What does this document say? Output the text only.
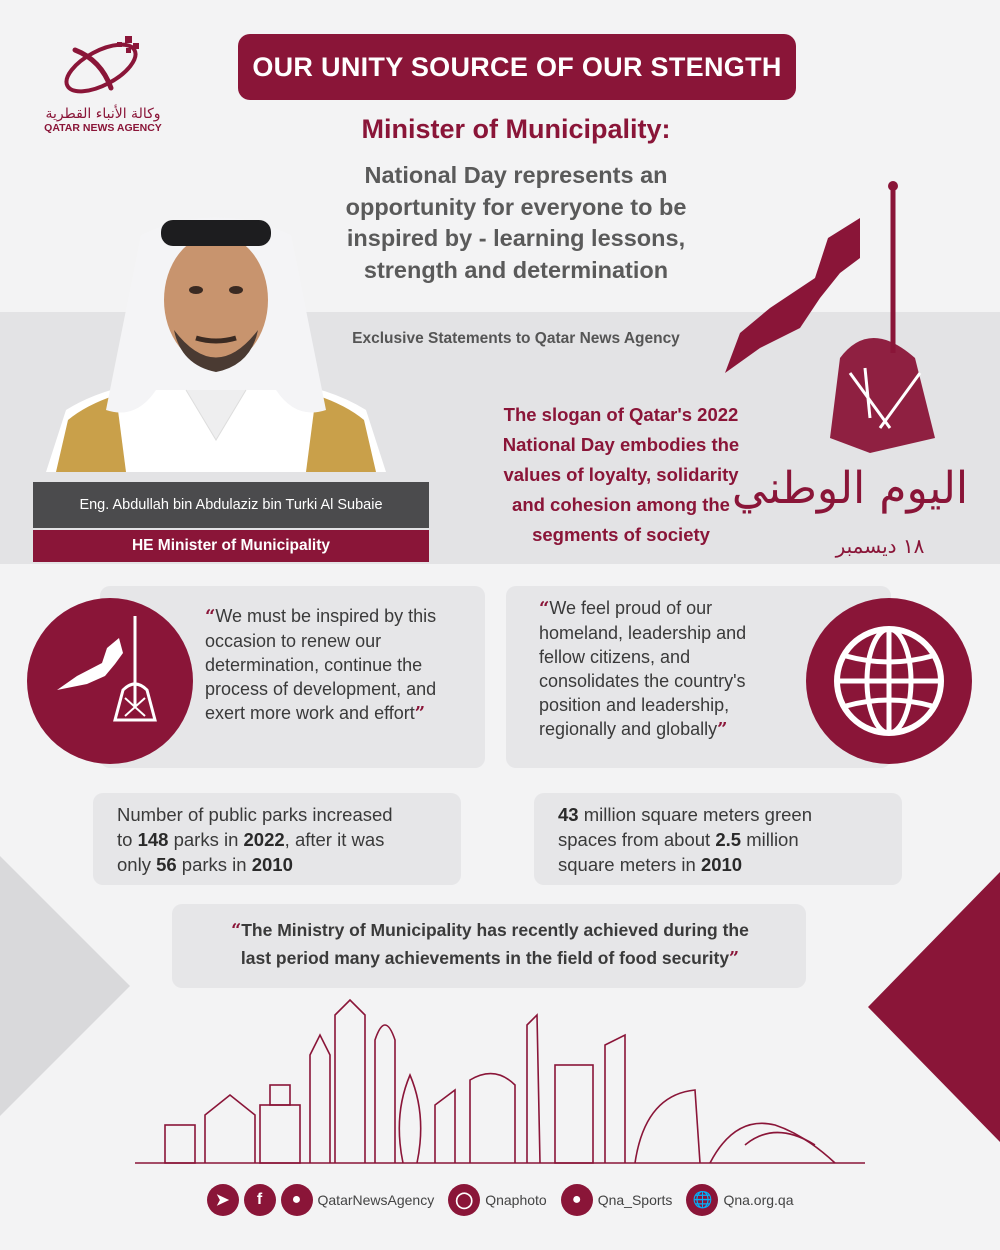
وكالة الأنباء القطرية
QATAR NEWS AGENCY
OUR UNITY SOURCE OF OUR STENGTH
Minister of Municipality:
National Day represents an
opportunity for everyone to be
inspired by - learning lessons,
strength and determination
Eng. Abdullah bin Abdulaziz bin Turki Al Subaie
HE Minister of Municipality
Exclusive Statements to Qatar News Agency
The slogan of Qatar's 2022
National Day embodies the
values of loyalty, solidarity
and cohesion among the
segments of society
اليوم الوطني
١٨ ديسمبر
“We must be inspired by this occasion to renew our determination, continue the process of development, and exert more work and effort”
“We feel proud of our homeland, leadership and fellow citizens, and consolidates the country's position and leadership, regionally and globally”
Number of public parks increased
to 148 parks in 2022, after it was
only 56 parks in 2010
43 million square meters green
spaces from about 2.5 million
square meters in 2010
“The Ministry of Municipality has recently achieved during the
last period many achievements in the field of food security”
➤	f	●	QatarNewsAgency	◯ Qnaphoto	●	Qna_Sports	🌐 Qna.org.qa
